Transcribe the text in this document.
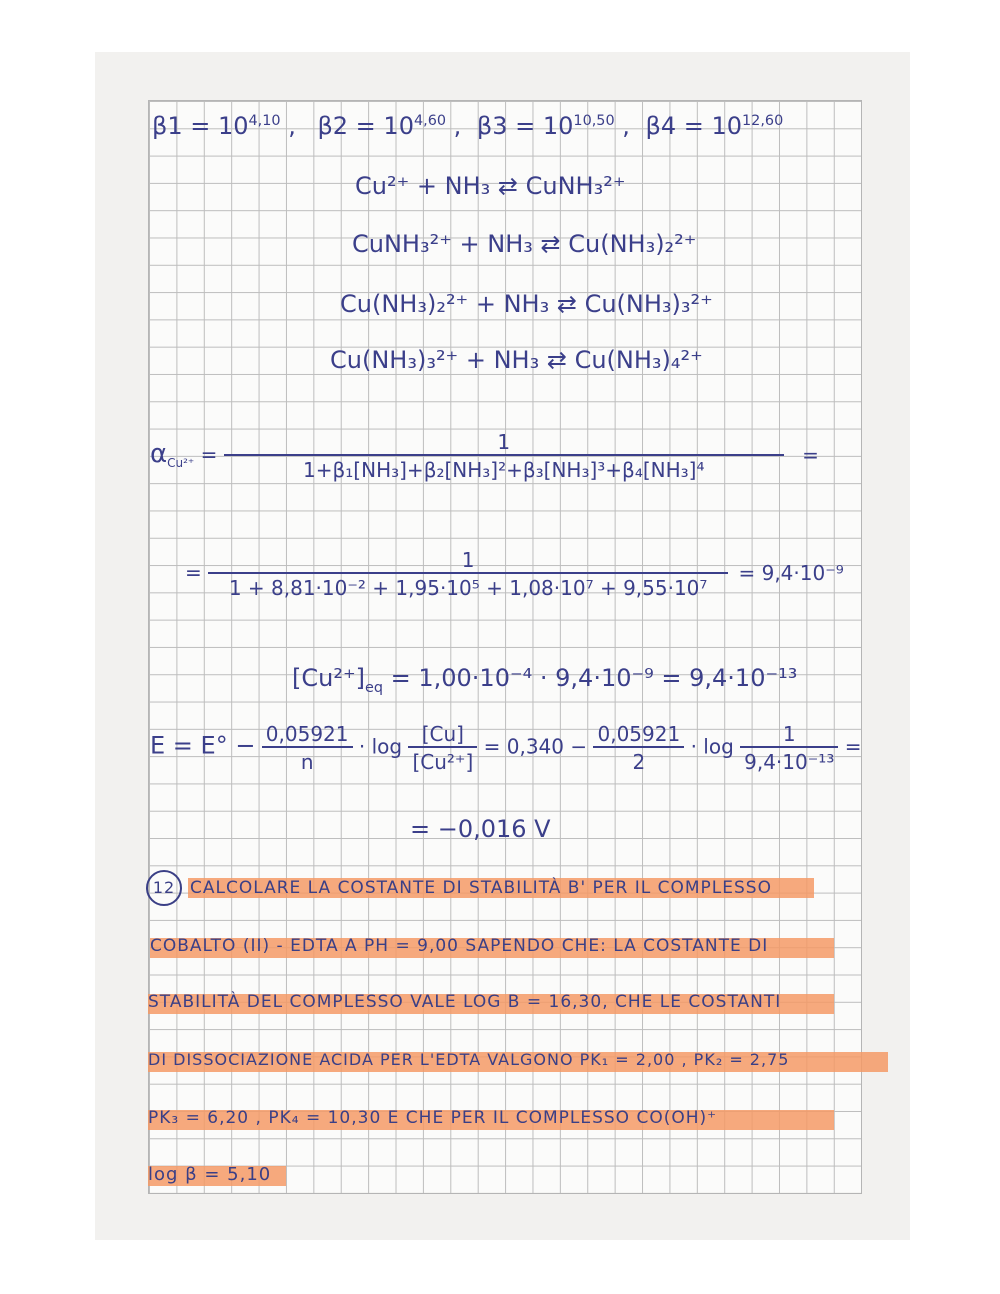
$\beta 1 = 10^{4,10}$ , $\beta 2 = 10^{4,60}$ , $\beta 3 = 10^{10,50}$ , $\beta 4 = 10^{12,60}$
Cu²⁺ + NH₃ ⇄ CuNH₃²⁺
CuNH₃²⁺ + NH₃ ⇄ Cu(NH₃)₂²⁺
Cu(NH₃)₂²⁺ + NH₃ ⇄ Cu(NH₃)₃²⁺
Cu(NH₃)₃²⁺ + NH₃ ⇄ Cu(NH₃)₄²⁺
$\alpha_{Cu^{2+}} = \frac{1}{\text{1+β₁[NH₃]+β₂[NH₃]²+β₃[NH₃]³+β₄[NH₃]⁴}}$ =
= $\frac{1}{\text{1 + 8,81·10⁻² + 1,95·10⁵ + 1,08·10⁷ + 9,55·10⁷}} = 9,4\cdot 10^{-9}$
$[Cu^{2+}]_{eq} = 1,00\cdot 10^{-4} \cdot 9,4\cdot 10^{-9} = 9,4\cdot 10^{-13}$
$E = E^\circ - \frac{0,05921}{n} \cdot \log \frac{[Cu]}{\text{[Cu²⁺]}} = 0,340 - \frac{0,05921}{2} \cdot \log \frac{1}{\text{9,4·10⁻¹³}}$ =
= −0,016 V
12 CALCOLARE LA COSTANTE DI STABILITÀ Β' PER IL COMPLESSO
COBALTO (II) - EDTA A PH = 9,00 SAPENDO CHE: LA COSTANTE DI
STABILITÀ DEL COMPLESSO VALE LOG Β = 16,30, CHE LE COSTANTI
DI DISSOCIAZIONE ACIDA PER L'EDTA VALGONO PK₁ = 2,00 , PK₂ = 2,75
PK₃ = 6,20 , PK₄ = 10,30 E CHE PER IL COMPLESSO CO(OH)⁺
log β = 5,10
